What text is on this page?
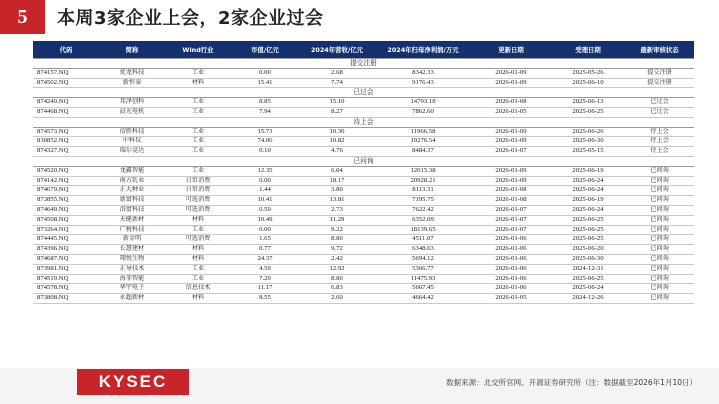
5	本周3家企业上会，2家企业过会
代码	简称	Wind行业	市值/亿元	2024年营收/亿元	2024年归母净利润/万元	更新日期	受理日期	最新审核状态
提交注册								
874157.NQ	优龙科技	工业	0.00	2.68	8342.33	2026-01-09	2025-05-26	提交注册
874502.NQ	新恒泰	材料	15.41	7.74	9176.43	2026-01-09	2025-06-10	提交注册
已过会								
874249.NQ	邦泽创科	工业	8.85	15.10	14793.18	2026-01-08	2025-06-13	已过会
874468.NQ	晨光电机	工业	7.94	8.27	7862.60	2026-01-05	2025-06-25	已过会
待上会								
874573.NQ	信胜科技	工业	15.73	10.30	11966.58	2026-01-09	2025-06-26	待上会
830852.NQ	中科仪	工业	74.06	10.82	19276.54	2026-01-09	2025-06-30	待上会
874327.NQ	瑞尔竞达	工业	0.10	4.76	8484.37	2026-01-07	2025-05-15	待上会
已问询								
874520.NQ	龙鑫智能	工业	12.35	6.04	12015.38	2026-01-09	2025-06-19	已问询
874142.NQ	南方乳业	日常消费	0.00	18.17	20928.21	2026-01-09	2025-06-24	已问询
874679.NQ	正大种业	日常消费	1.44	3.80	8113.31	2026-01-08	2025-06-24	已问询
873855.NQ	新富科技	可选消费	10.41	13.81	7195.75	2026-01-08	2025-06-19	已问询
874649.NQ	浴富科技	可选消费	0.59	2.73	7622.42	2026-01-07	2025-06-24	已问询
874508.NQ	天健新材	材料	10.49	11.29	6352.09	2026-01-07	2025-06-25	已问询
873264.NQ	广税科技	工业	0.00	9.22	18139.65	2026-01-07	2025-06-25	已问询
874445.NQ	新金明	可选消费	1.65	8.80	4511.07	2026-01-06	2025-06-25	已问询
874396.NQ	长慧建材	材料	0.77	9.72	6348.63	2026-01-06	2025-06-20	已问询
874687.NQ	翔悦生物	材料	24.37	2.42	5694.12	2026-01-06	2025-06-30	已问询
873981.NQ	正导技术	工业	4.50	12.92	5366.77	2026-01-06	2024-12-31	已问询
874519.NQ	海菲智能	工业	7.20	8.80	11475.93	2026-01-06	2025-06-25	已问询
874578.NQ	华宇电子	信息技术	11.17	6.83	5667.45	2026-01-06	2025-06-24	已问询
873808.NQ	永超新材	材料	8.55	2.60	4664.42	2026-01-05	2024-12-26	已问询
KYSEC	数据来源：北交所官网、开源证券研究所（注：数据截至2026年1月10日）
